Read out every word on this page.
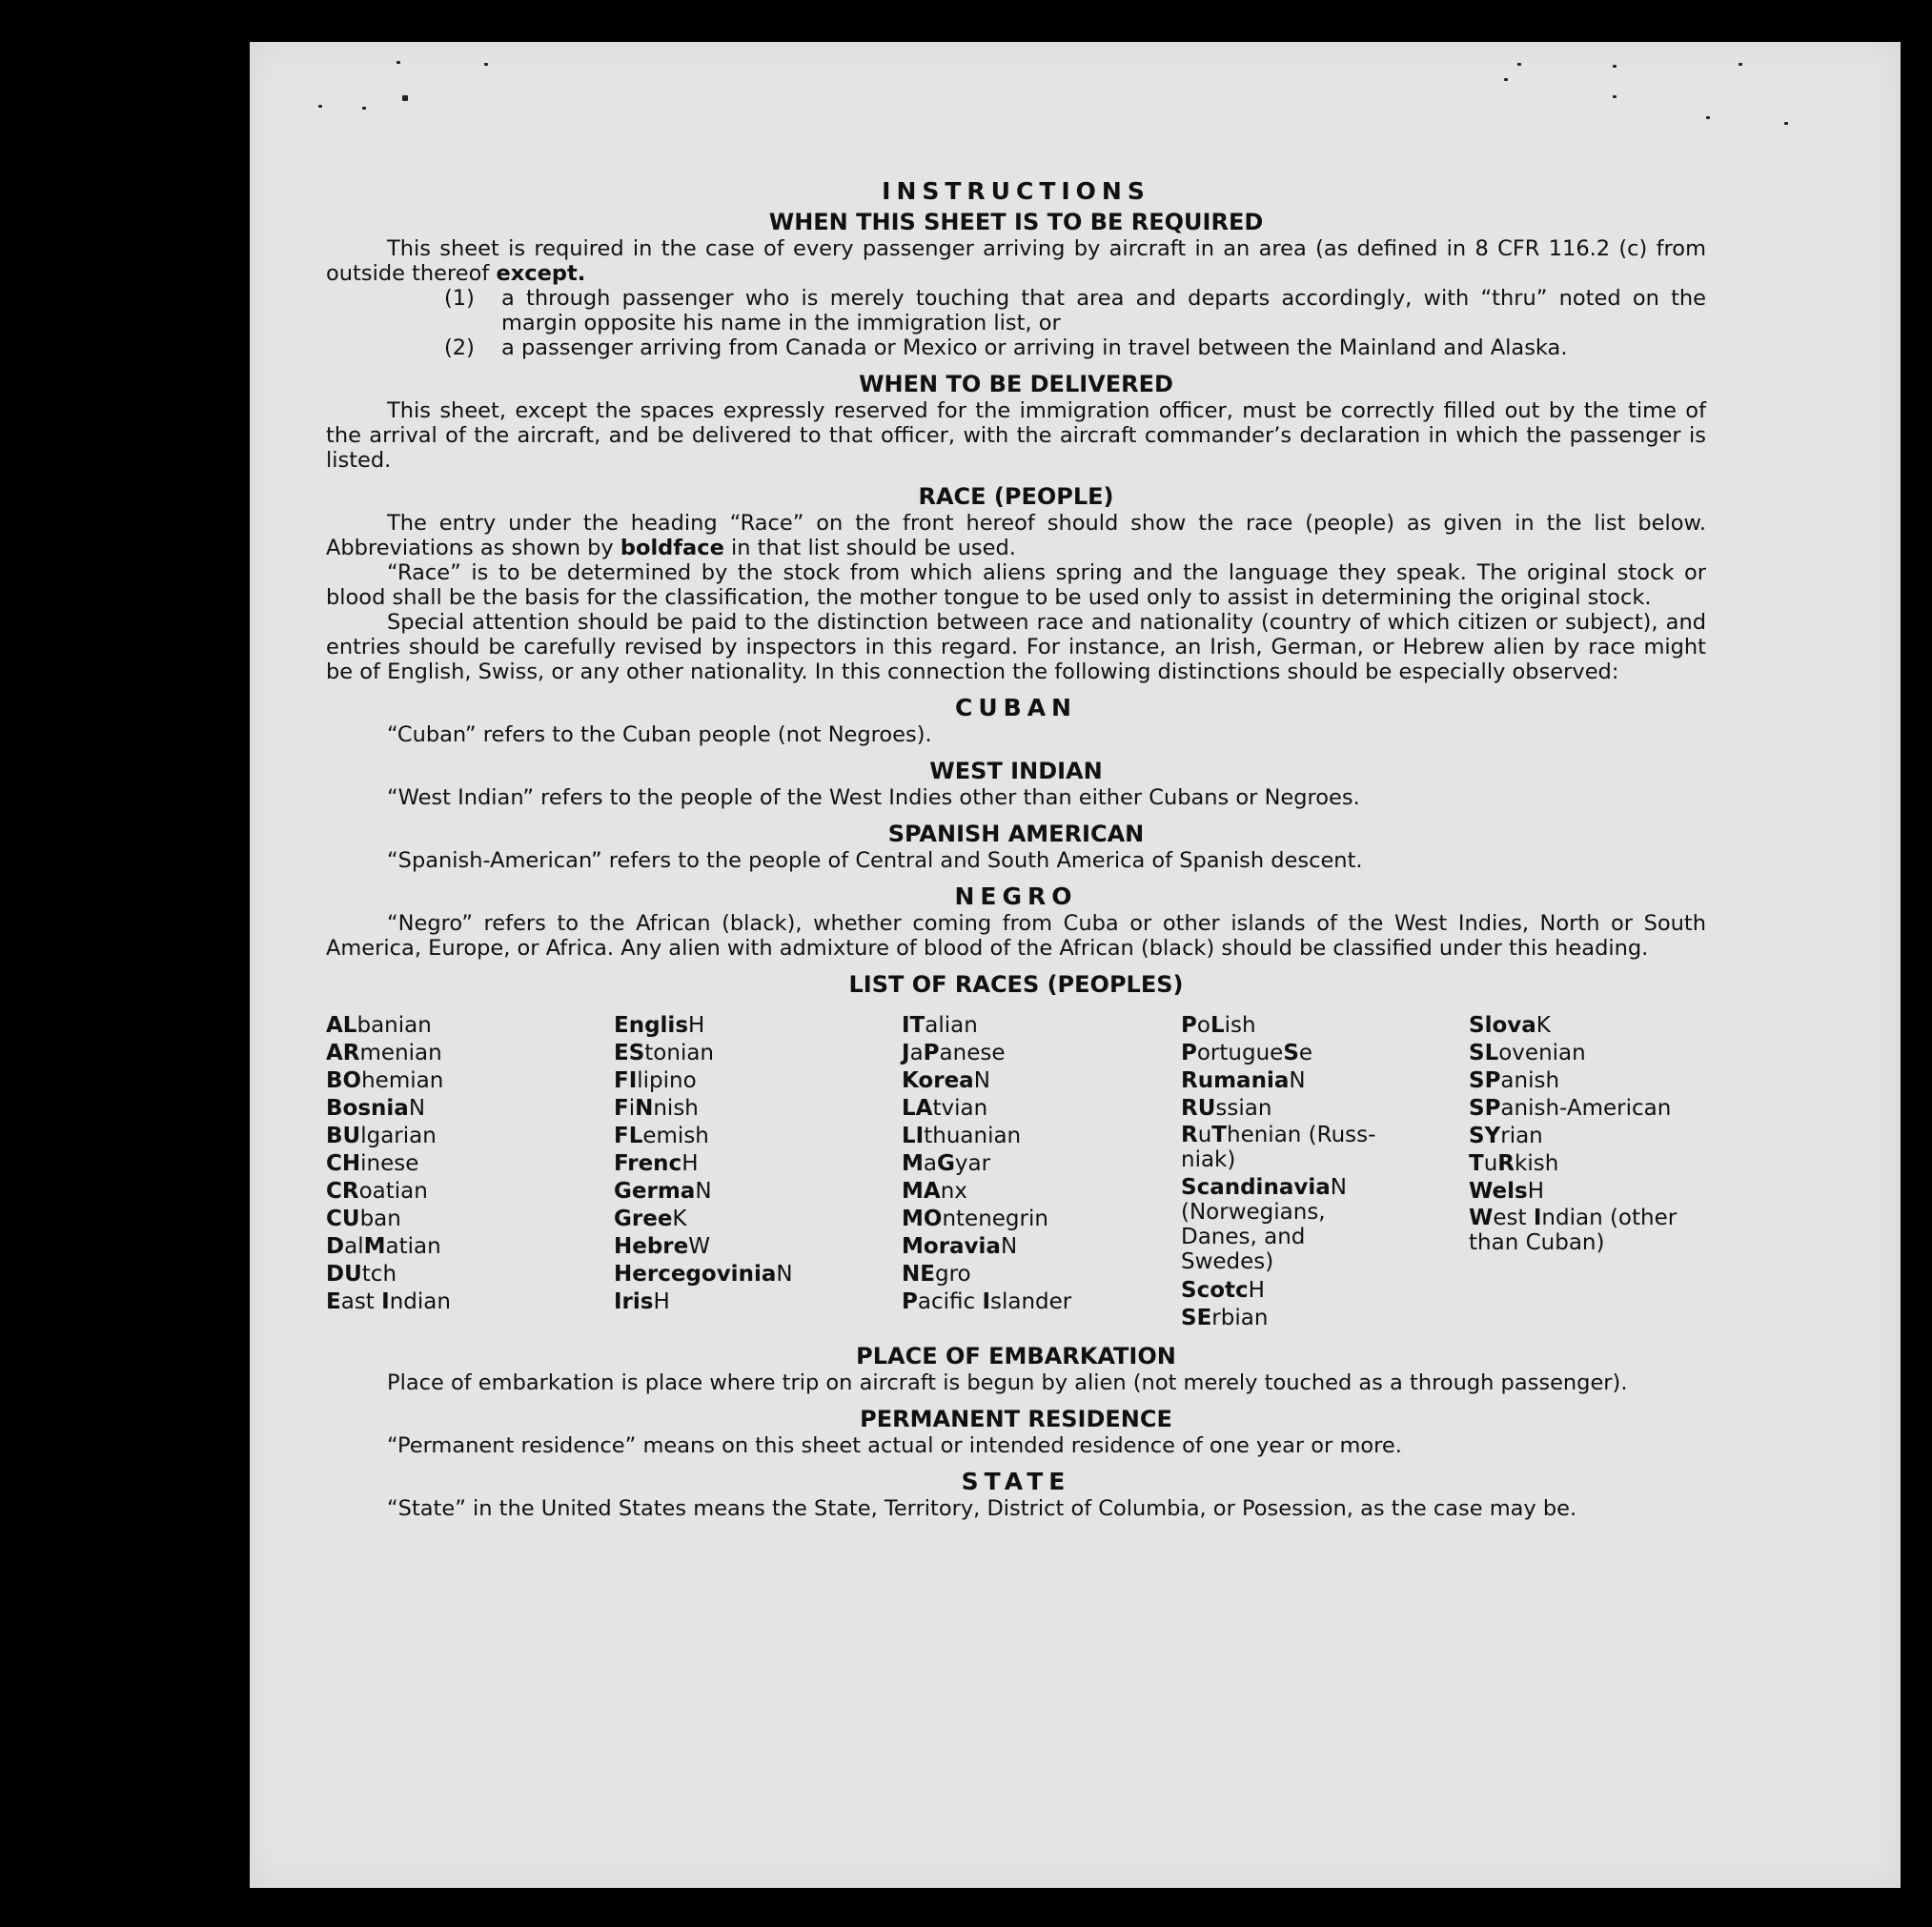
INSTRUCTIONS
WHEN THIS SHEET IS TO BE REQUIRED

This sheet is required in the case of every passenger arriving by aircraft in an area (as defined in 8 CFR 116.2 (c) from outside thereof except.

(1) a through passenger who is merely touching that area and departs accordingly, with “thru” noted on the margin opposite his name in the immigration list, or
(2) a passenger arriving from Canada or Mexico or arriving in travel between the Mainland and Alaska.
WHEN TO BE DELIVERED

This sheet, except the spaces expressly reserved for the immigration officer, must be correctly filled out by the time of the arrival of the aircraft, and be delivered to that officer, with the aircraft commander’s declaration in which the passenger is listed.

RACE (PEOPLE)

The entry under the heading “Race” on the front hereof should show the race (people) as given in the list below. Abbreviations as shown by boldface in that list should be used.

“Race” is to be determined by the stock from which aliens spring and the language they speak. The original stock or blood shall be the basis for the classification, the mother tongue to be used only to assist in determining the original stock.

Special attention should be paid to the distinction between race and nationality (country of which citizen or subject), and entries should be carefully revised by inspectors in this regard. For instance, an Irish, German, or Hebrew alien by race might be of English, Swiss, or any other nationality. In this connection the following distinctions should be especially observed:

CUBAN

“Cuban” refers to the Cuban people (not Negroes).

WEST INDIAN

“West Indian” refers to the people of the West Indies other than either Cubans or Negroes.

SPANISH AMERICAN

“Spanish-American” refers to the people of Central and South America of Spanish descent.

NEGRO

“Negro” refers to the African (black), whether coming from Cuba or other islands of the West Indies, North or South America, Europe, or Africa. Any alien with admixture of blood of the African (black) should be classified under this heading.

LIST OF RACES (PEOPLES)
ALbanian
ARmenian
BOhemian
BosniaN
BUlgarian
CHinese
CRoatian
CUban
DalMatian
DUtch
East Indian
EnglisH
EStonian
FIlipino
FiNnish
FLemish
FrencH
GermaN
GreeK
HebreW
HercegoviniaN
IrisH
ITalian
JaPanese
KoreaN
LAtvian
LIthuanian
MaGyar
MAnx
MOntenegrin
MoraviaN
NEgro
Pacific Islander
PoLish
PortugueSe
RumaniaN
RUssian
RuThenian (Russ-
niak)
ScandinaviaN
(Norwegians,
Danes, and
Swedes)
ScotcH
SErbian
SlovaK
SLovenian
SPanish
SPanish-American
SYrian
TuRkish
WelsH
West Indian (other
than Cuban)
PLACE OF EMBARKATION

Place of embarkation is place where trip on aircraft is begun by alien (not merely touched as a through passenger).

PERMANENT RESIDENCE

“Permanent residence” means on this sheet actual or intended residence of one year or more.

STATE

“State” in the United States means the State, Territory, District of Columbia, or Posession, as the case may be.
